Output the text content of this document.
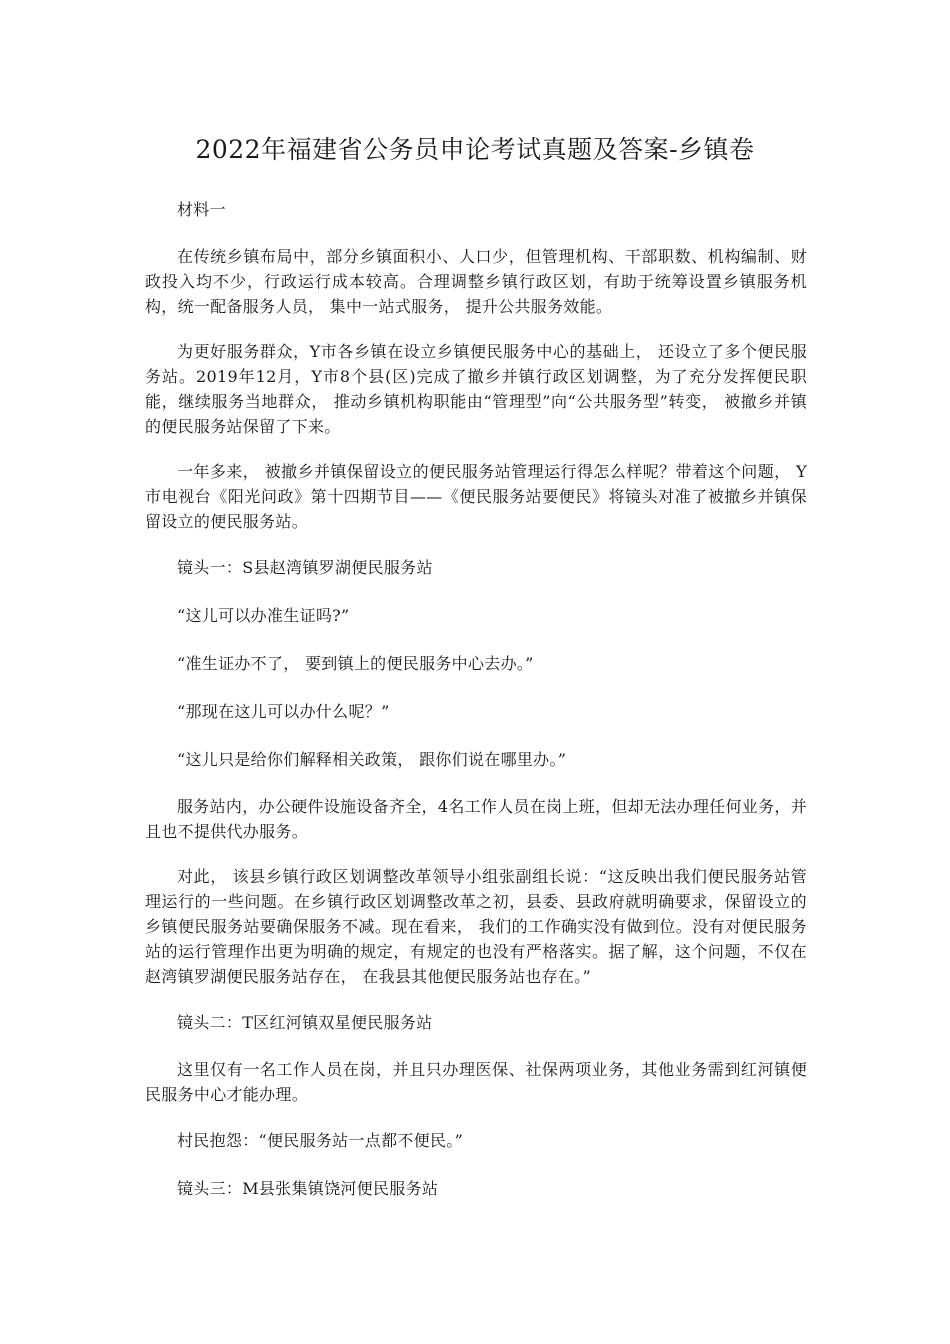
2022年福建省公务员申论考试真题及答案-乡镇卷

材料一

在传统乡镇布局中，部分乡镇面积小、人口少，但管理机构、干部职数、机构编制、财政投入均不少，行政运行成本较高。合理调整乡镇行政区划，有助于统筹设置乡镇服务机构，统一配备服务人员， 集中一站式服务， 提升公共服务效能。

为更好服务群众，Y市各乡镇在设立乡镇便民服务中心的基础上， 还设立了多个便民服务站。2019年12月，Y市8个县(区)完成了撤乡并镇行政区划调整，为了充分发挥便民职能，继续服务当地群众， 推动乡镇机构职能由“管理型”向“公共服务型”转变， 被撤乡并镇的便民服务站保留了下来。

一年多来， 被撤乡并镇保留设立的便民服务站管理运行得怎么样呢？带着这个问题， Y市电视台《阳光问政》第十四期节目——《便民服务站要便民》将镜头对准了被撤乡并镇保留设立的便民服务站。

镜头一：S县赵湾镇罗湖便民服务站

“这儿可以办准生证吗?”

“准生证办不了， 要到镇上的便民服务中心去办。”

“那现在这儿可以办什么呢？”

“这儿只是给你们解释相关政策， 跟你们说在哪里办。”

服务站内，办公硬件设施设备齐全，4名工作人员在岗上班，但却无法办理任何业务，并且也不提供代办服务。

对此， 该县乡镇行政区划调整改革领导小组张副组长说：“这反映出我们便民服务站管理运行的一些问题。在乡镇行政区划调整改革之初，县委、县政府就明确要求，保留设立的乡镇便民服务站要确保服务不减。现在看来， 我们的工作确实没有做到位。没有对便民服务站的运行管理作出更为明确的规定，有规定的也没有严格落实。据了解，这个问题，不仅在赵湾镇罗湖便民服务站存在， 在我县其他便民服务站也存在。”

镜头二：T区红河镇双星便民服务站

这里仅有一名工作人员在岗，并且只办理医保、社保两项业务，其他业务需到红河镇便民服务中心才能办理。

村民抱怨：“便民服务站一点都不便民。”

镜头三：M县张集镇饶河便民服务站
